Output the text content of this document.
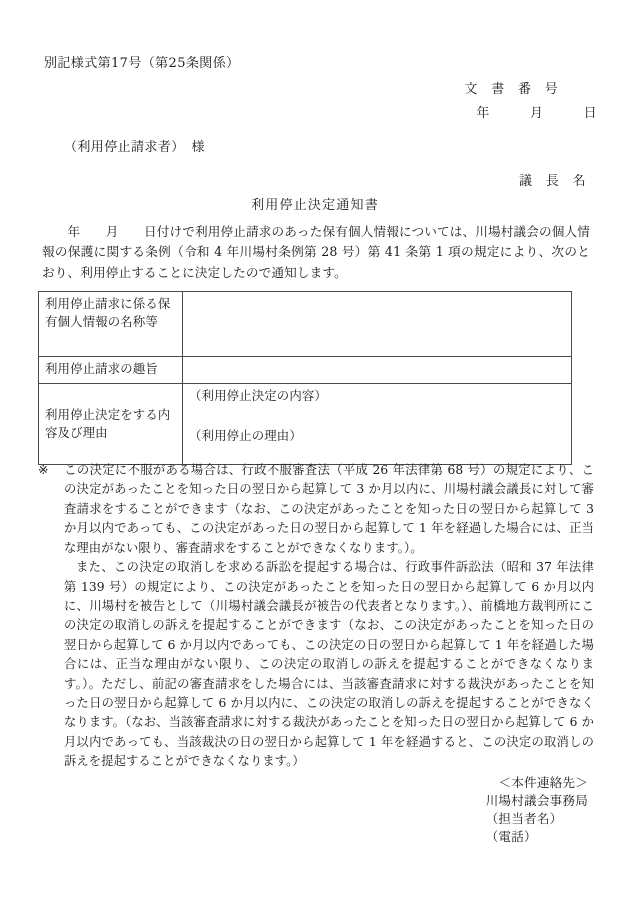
別記様式第17号（第25条関係）
文　書　番　号
年　　　月　　　日
（利用停止請求者）　様
議　長　名
利用停止決定通知書
　　年　　月　　日付けで利用停止請求のあった保有個人情報については、川場村議会の個人情報の保護に関する条例（令和 4 年川場村条例第 28 号）第 41 条第 1 項の規定により、次のとおり、利用停止することに決定したので通知します。
利用停止請求に係る保有個人情報の名称等	
利用停止請求の趣旨	
利用停止決定をする内容及び理由	（利用停止決定の内容）
（利用停止の理由）

※ この決定に不服がある場合は、行政不服審査法（平成 26 年法律第 68 号）の規定により、この決定があったことを知った日の翌日から起算して 3 か月以内に、川場村議会議長に対して審査請求をすることができます（なお、この決定があったことを知った日の翌日から起算して 3 か月以内であっても、この決定があった日の翌日から起算して 1 年を経過した場合には、正当な理由がない限り、審査請求をすることができなくなります。）。

また、この決定の取消しを求める訴訟を提起する場合は、行政事件訴訟法（昭和 37 年法律第 139 号）の規定により、この決定があったことを知った日の翌日から起算して 6 か月以内に、川場村を被告として（川場村議会議長が被告の代表者となります。）、前橋地方裁判所にこの決定の取消しの訴えを提起することができます（なお、この決定があったことを知った日の翌日から起算して 6 か月以内であっても、この決定の日の翌日から起算して 1 年を経過した場合には、正当な理由がない限り、この決定の取消しの訴えを提起することができなくなります。）。ただし、前記の審査請求をした場合には、当該審査請求に対する裁決があったことを知った日の翌日から起算して 6 か月以内に、この決定の取消しの訴えを提起することができなくなります。（なお、当該審査請求に対する裁決があったことを知った日の翌日から起算して 6 か月以内であっても、当該裁決の日の翌日から起算して 1 年を経過すると、この決定の取消しの訴えを提起することができなくなります。）

＜本件連絡先＞
川場村議会事務局
（担当者名）
（電話）
